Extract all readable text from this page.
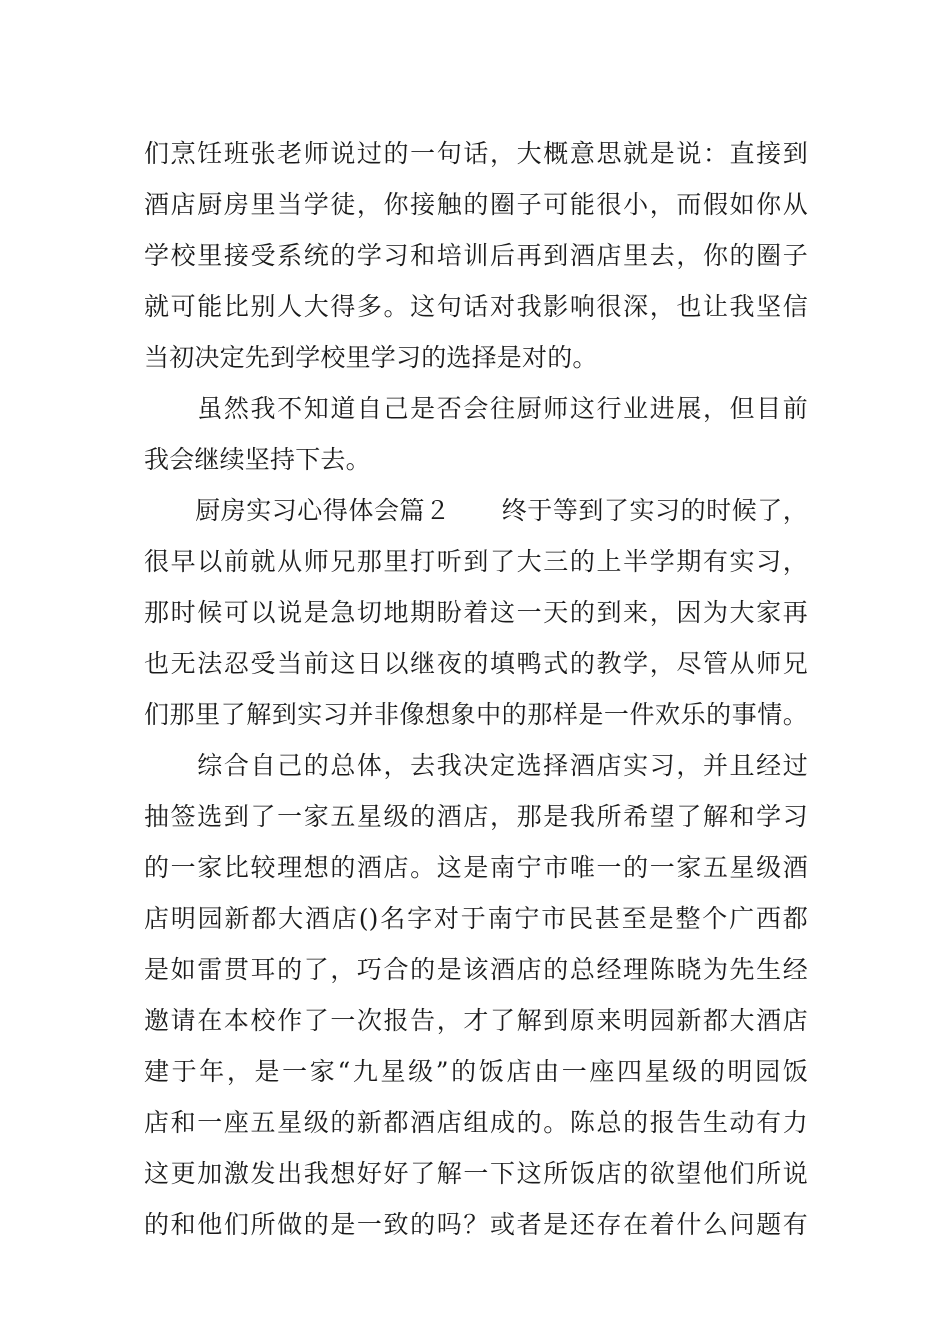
们烹饪班张老师说过的一句话，大概意思就是说：直接到
酒店厨房里当学徒，你接触的圈子可能很小，而假如你从
学校里接受系统的学习和培训后再到酒店里去，你的圈子
就可能比别人大得多。这句话对我影响很深，也让我坚信
当初决定先到学校里学习的选择是对的。
　　虽然我不知道自己是否会往厨师这行业进展，但目前
我会继续坚持下去。
　　厨房实习心得体会篇２　　终于等到了实习的时候了，
很早以前就从师兄那里打听到了大三的上半学期有实习，
那时候可以说是急切地期盼着这一天的到来，因为大家再
也无法忍受当前这日以继夜的填鸭式的教学，尽管从师兄
们那里了解到实习并非像想象中的那样是一件欢乐的事情。
　　综合自己的总体，去我决定选择酒店实习，并且经过
抽签选到了一家五星级的酒店，那是我所希望了解和学习
的一家比较理想的酒店。这是南宁市唯一的一家五星级酒
店明园新都大酒店()名字对于南宁市民甚至是整个广西都
是如雷贯耳的了，巧合的是该酒店的总经理陈晓为先生经
邀请在本校作了一次报告，才了解到原来明园新都大酒店
建于年，是一家“九星级”的饭店由一座四星级的明园饭
店和一座五星级的新都酒店组成的。陈总的报告生动有力
这更加激发出我想好好了解一下这所饭店的欲望他们所说
的和他们所做的是一致的吗？或者是还存在着什么问题有
